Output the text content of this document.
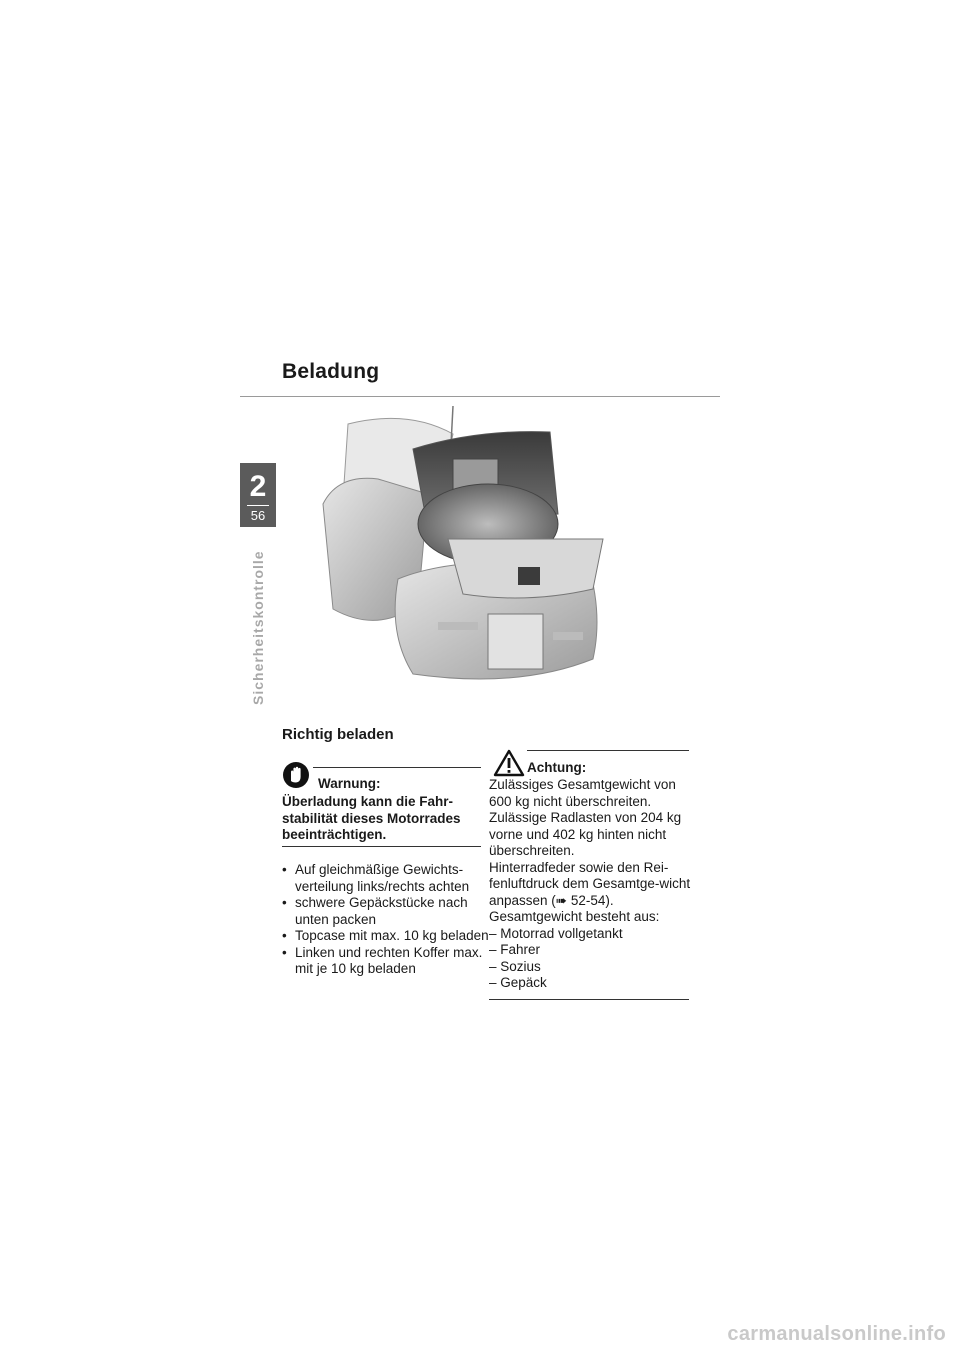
Beladung
2
56
Sicherheitskontrolle
Richtig beladen
Warnung:
Überladung kann die Fahr-stabilität dieses Motorrades beeinträchtigen.
• Auf gleichmäßige Gewichts-verteilung links/rechts achten
• schwere Gepäckstücke nach unten packen
• Topcase mit max. 10 kg beladen
• Linken und rechten Koffer max. mit je 10 kg beladen
Achtung:

Zulässiges Gesamtgewicht von 600 kg nicht überschreiten.

Zulässige Radlasten von 204 kg vorne und 402 kg hinten nicht überschreiten.

Hinterradfeder sowie den Rei-fenluftdruck dem Gesamtge-wicht anpassen (➠ 52-54).

Gesamtgewicht besteht aus:

– Motorrad vollgetankt

– Fahrer

– Sozius

– Gepäck

carmanualsonline.info
